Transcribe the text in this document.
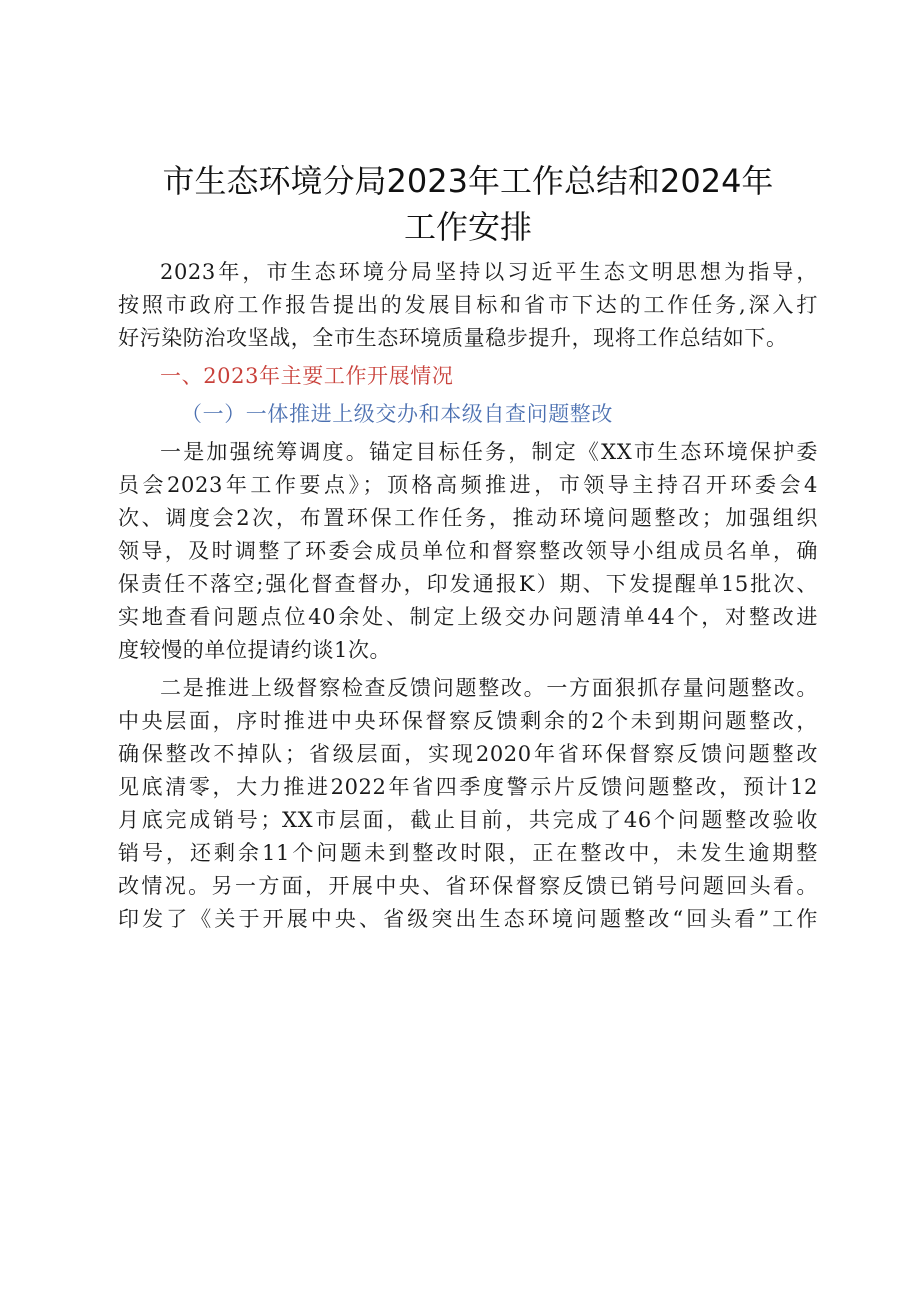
市生态环境分局2023年工作总结和2024年
工作安排

2023年，市生态环境分局坚持以习近平生态文明思想为指导，
按照市政府工作报告提出的发展目标和省市下达的工作任务,深入打
好污染防治攻坚战，全市生态环境质量稳步提升，现将工作总结如下。

一、2023年主要工作开展情况

（一）一体推进上级交办和本级自查问题整改

一是加强统筹调度。锚定目标任务，制定《XX市生态环境保护委
员会2023年工作要点》；顶格高频推进，市领导主持召开环委会4
次、调度会2次，布置环保工作任务，推动环境问题整改；加强组织
领导，及时调整了环委会成员单位和督察整改领导小组成员名单，确
保责任不落空;强化督查督办，印发通报K）期、下发提醒单15批次、
实地查看问题点位40余处、制定上级交办问题清单44个，对整改进
度较慢的单位提请约谈1次。

二是推进上级督察检查反馈问题整改。一方面狠抓存量问题整改。
中央层面，序时推进中央环保督察反馈剩余的2个未到期问题整改，
确保整改不掉队；省级层面，实现2020年省环保督察反馈问题整改
见底清零，大力推进2022年省四季度警示片反馈问题整改，预计12
月底完成销号；XX市层面，截止目前，共完成了46个问题整改验收
销号，还剩余11个问题未到整改时限，正在整改中，未发生逾期整
改情况。另一方面，开展中央、省环保督察反馈已销号问题回头看。
印发了《关于开展中央、省级突出生态环境问题整改“回头看”工作
